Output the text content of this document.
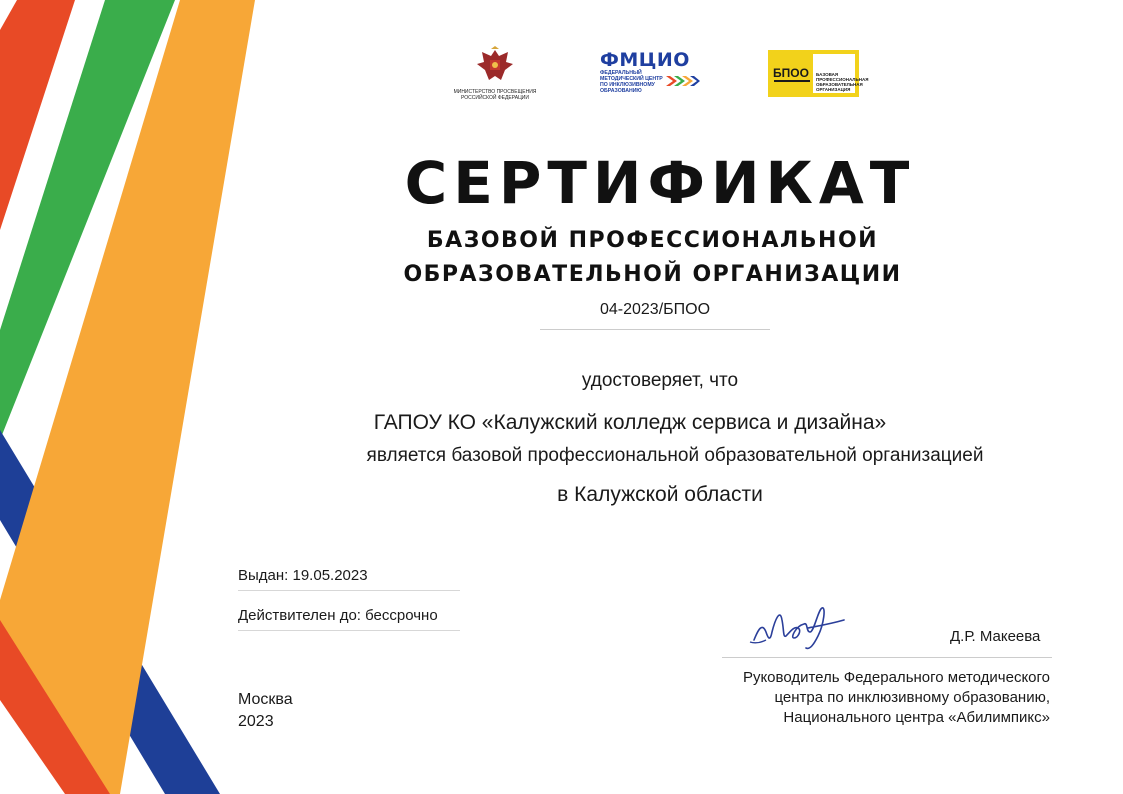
МИНИСТЕРСТВО ПРОСВЕЩЕНИЯ РОССИЙСКОЙ ФЕДЕРАЦИИ
ФМЦИО
ФЕДЕРАЛЬНЫЙ МЕТОДИЧЕСКИЙ ЦЕНТР ПО ИНКЛЮЗИВНОМУ ОБРАЗОВАНИЮ
БПОО	БАЗОВАЯ ПРОФЕССИОНАЛЬНАЯ ОБРАЗОВАТЕЛЬНАЯ ОРГАНИЗАЦИЯ
СЕРТИФИКАТ
БАЗОВОЙ ПРОФЕССИОНАЛЬНОЙ
ОБРАЗОВАТЕЛЬНОЙ ОРГАНИЗАЦИИ
04-2023/БПОО
удостоверяет, что
ГАПОУ КО «Калужский колледж сервиса и дизайна»
является базовой профессиональной образовательной организацией
в Калужской области
Выдан: 19.05.2023
Действителен до: бессрочно
Москва
2023
Д.Р. Макеева
Руководитель Федерального методического
центра по инклюзивному образованию,
Национального центра «Абилимпикс»
